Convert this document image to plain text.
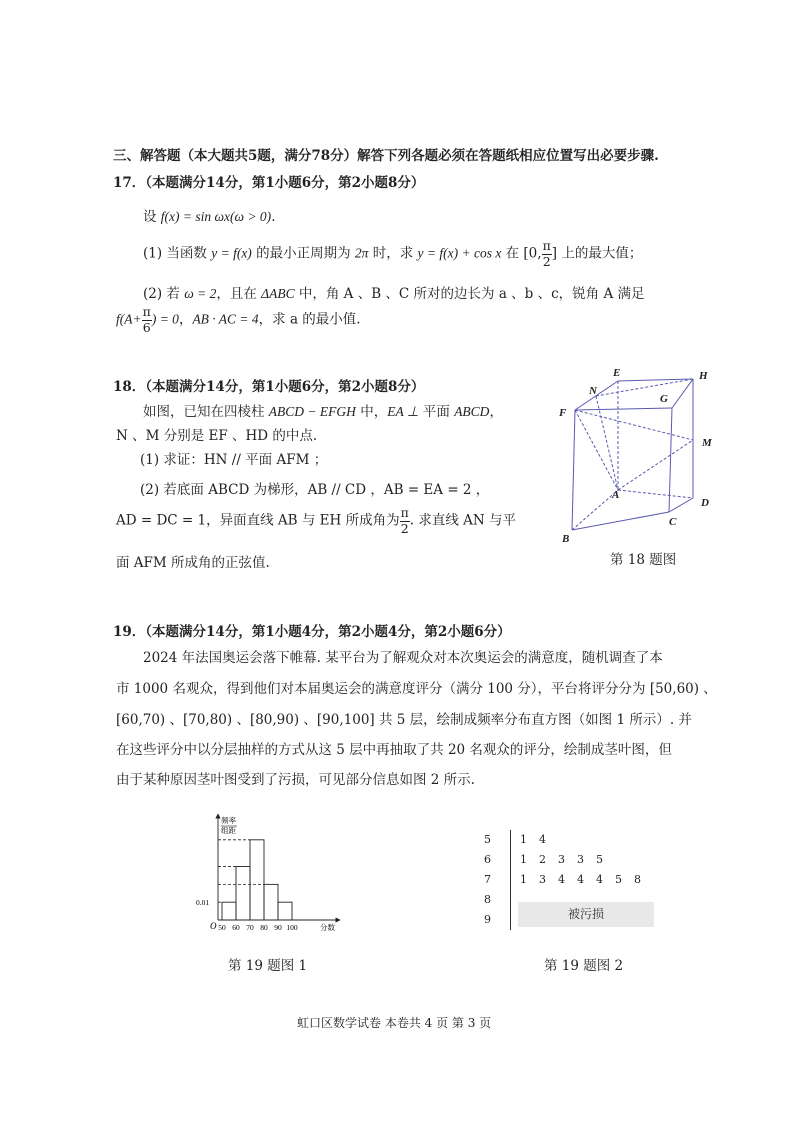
三、解答题（本大题共5题，满分78分）解答下列各题必须在答题纸相应位置写出必要步骤.
17．（本题满分14分，第1小题6分，第2小题8分）
设 f(x) = sin ωx(ω > 0).
(1) 当函数 y = f(x) 的最小正周期为 2π 时，求 y = f(x) + cos x 在 [0, $\frac{\pi}{2}$ ] 上的最大值；
(2) 若 ω = 2，且在 ΔABC 中，角 A 、B 、C 所对的边长为 a 、b 、c，锐角 A 满足
$f(A+ \frac{\pi}{6}$ ) = 0，AB · AC = 4，求 a 的最小值.
18．（本题满分14分，第1小题6分，第2小题8分）
如图，已知在四棱柱 ABCD − EFGH 中，EA ⊥ 平面 ABCD，
N 、M 分别是 EF 、HD 的中点.
(1) 求证：HN // 平面 AFM ；
(2) 若底面 ABCD 为梯形，AB // CD ，AB = EA = 2 ，
AD = DC = 1，异面直线 AB 与 EH 所成角为 $\frac{\pi}{2}$ . 求直线 AN 与平
面 AFM 所成角的正弦值.
E	H
N
G
F
M
A
D
C
B
第 18 题图
19．（本题满分14分，第1小题4分，第2小题4分，第2小题6分）
2024 年法国奥运会落下帷幕. 某平台为了解观众对本次奥运会的满意度，随机调查了本
市 1000 名观众，得到他们对本届奥运会的满意度评分（满分 100 分），平台将评分分为 [50,60) 、
[60,70) 、[70,80) 、[80,90) 、[90,100] 共 5 层，绘制成频率分布直方图（如图 1 所示）. 并
在这些评分中以分层抽样的方式从这 5 层中再抽取了共 20 名观众的评分，绘制成茎叶图，但
由于某种原因茎叶图受到了污损，可见部分信息如图 2 所示.
频率
组距
O
0.01
50 60 70 80 90 100	分数
第 19 题图 1
5	1 4
6	1 2 3 3 5
7	1 3 4 4 4 5 8
8
9	被污损
第 19 题图 2
虹口区数学试卷 本卷共 4 页 第 3 页
